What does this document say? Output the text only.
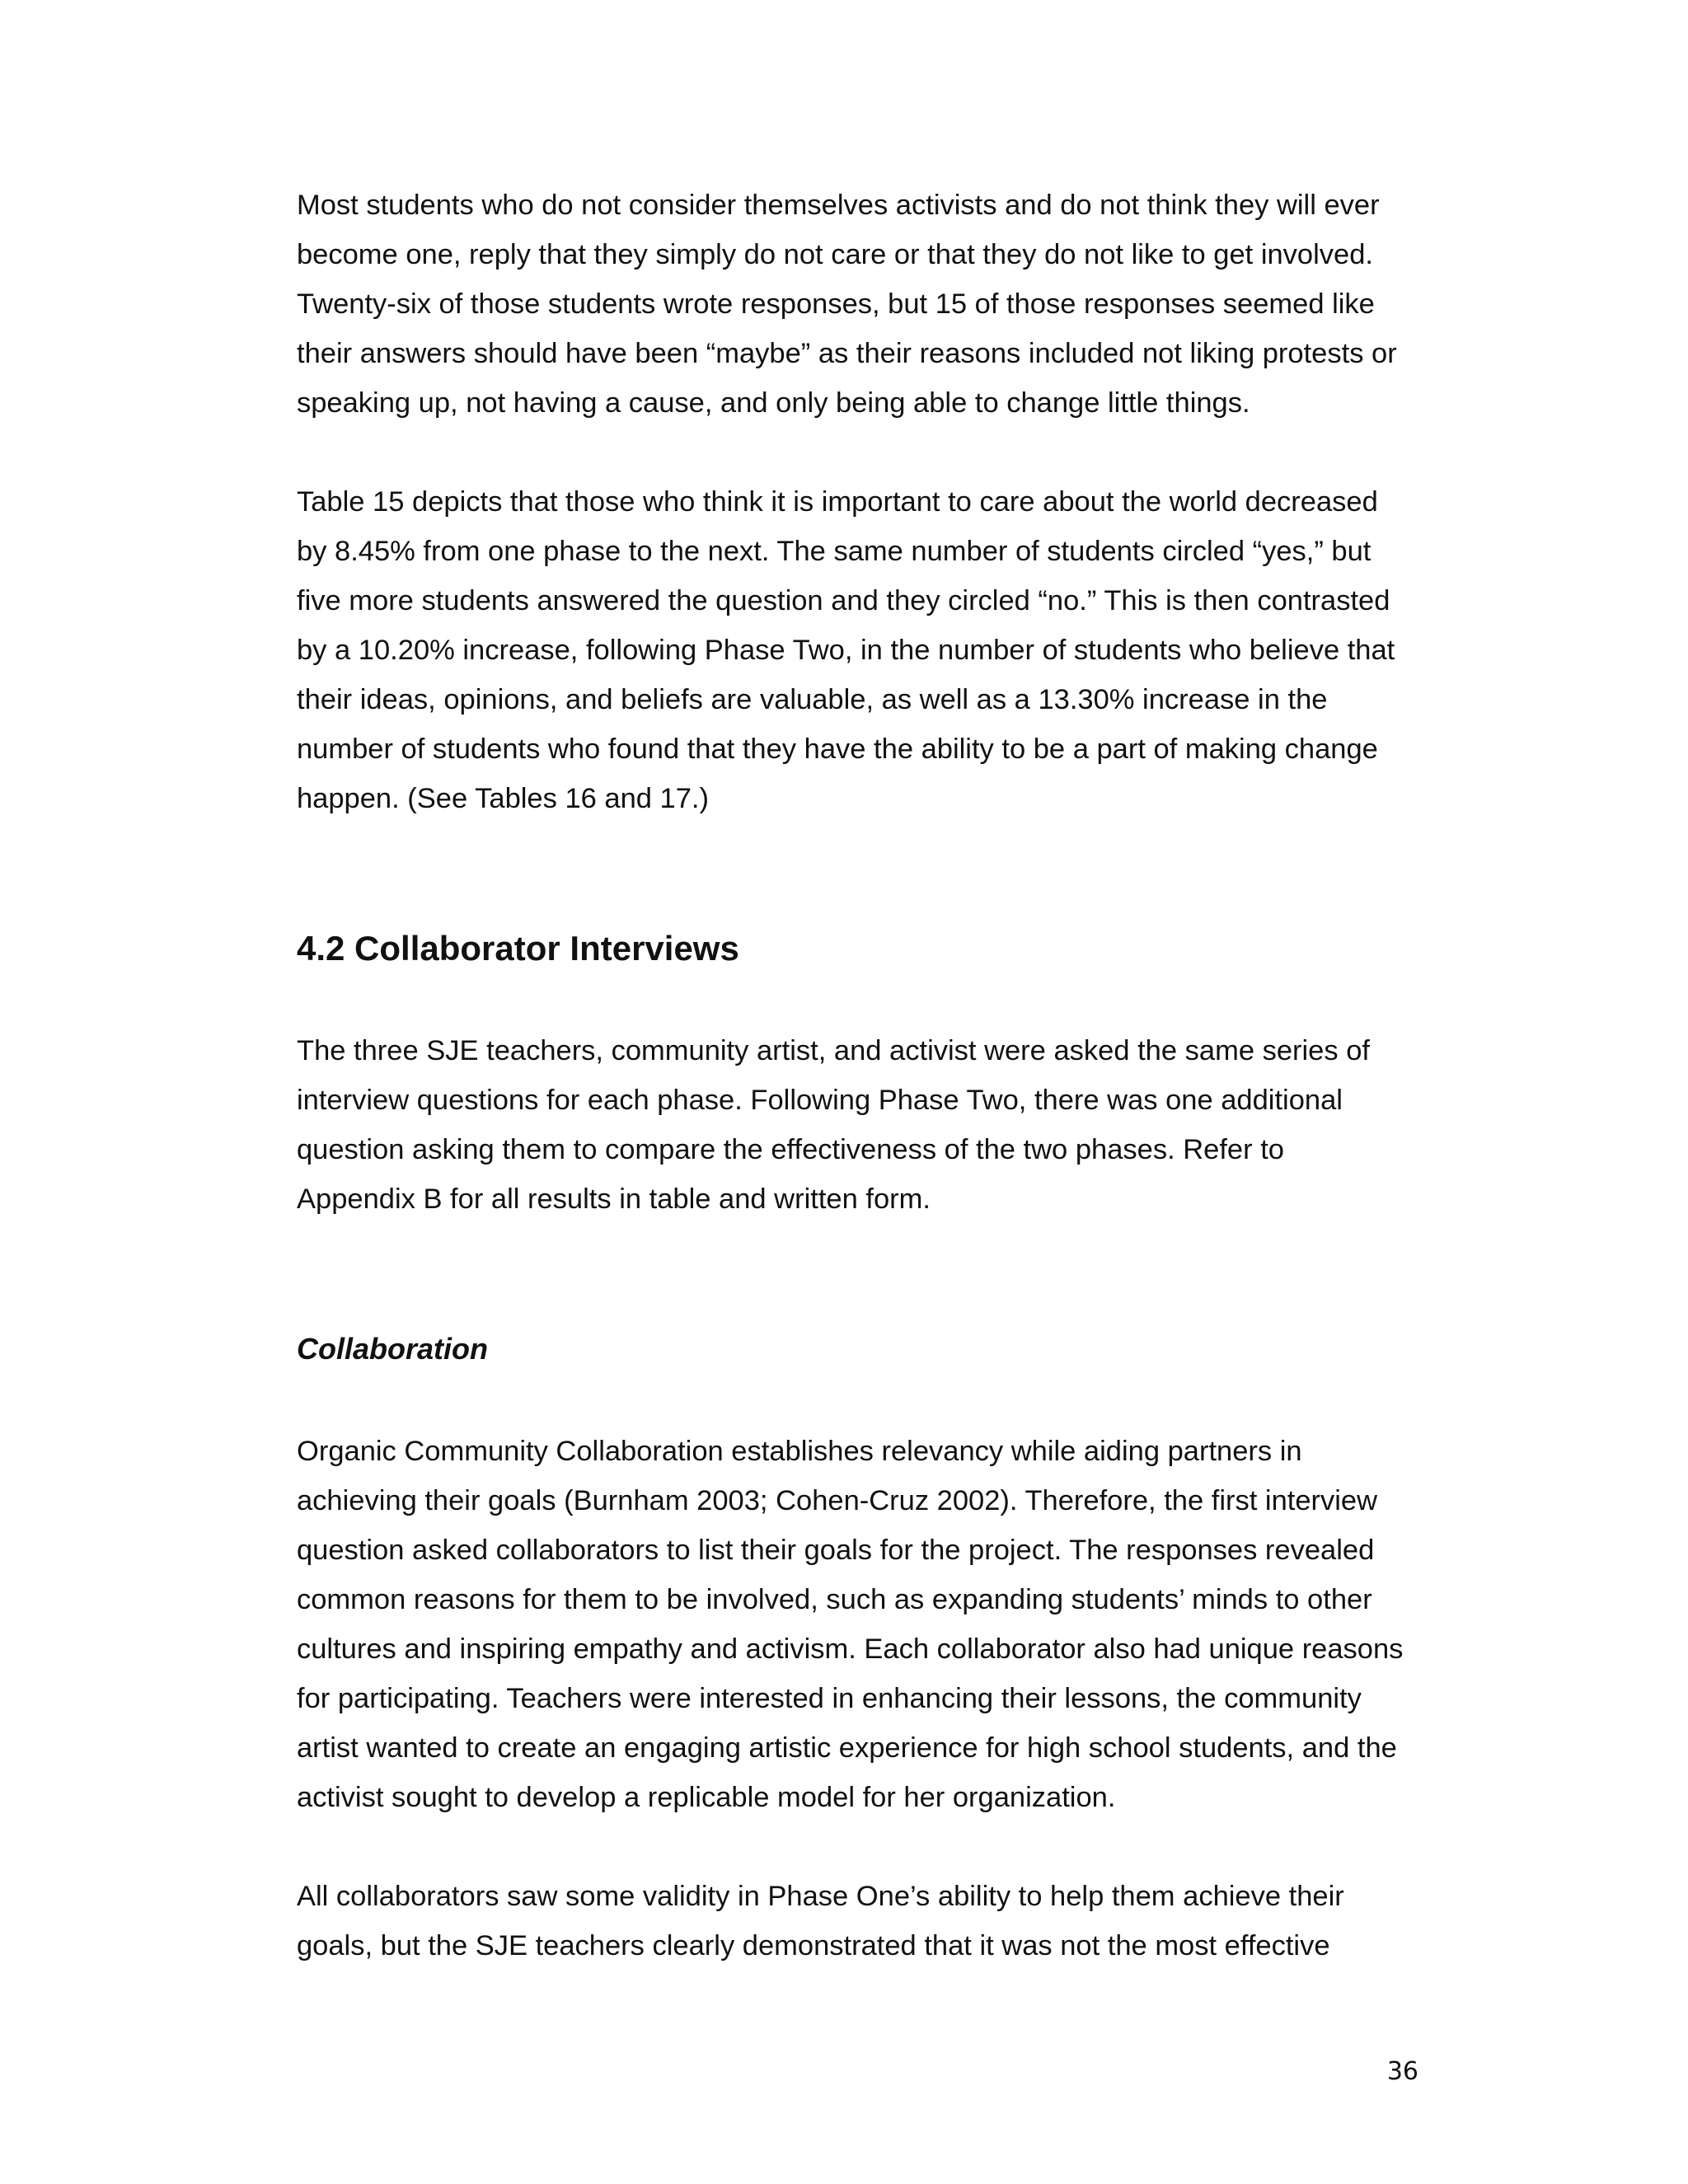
Most students who do not consider themselves activists and do not think they will ever become one, reply that they simply do not care or that they do not like to get involved. Twenty-six of those students wrote responses, but 15 of those responses seemed like their answers should have been “maybe” as their reasons included not liking protests or speaking up, not having a cause, and only being able to change little things.

Table 15 depicts that those who think it is important to care about the world decreased by 8.45% from one phase to the next. The same number of students circled “yes,” but five more students answered the question and they circled “no.” This is then contrasted by a 10.20% increase, following Phase Two, in the number of students who believe that their ideas, opinions, and beliefs are valuable, as well as a 13.30% increase in the number of students who found that they have the ability to be a part of making change happen. (See Tables 16 and 17.)

4.2 Collaborator Interviews

The three SJE teachers, community artist, and activist were asked the same series of interview questions for each phase. Following Phase Two, there was one additional question asking them to compare the effectiveness of the two phases. Refer to Appendix B for all results in table and written form.

Collaboration

Organic Community Collaboration establishes relevancy while aiding partners in achieving their goals (Burnham 2003; Cohen-Cruz 2002). Therefore, the first interview question asked collaborators to list their goals for the project. The responses revealed common reasons for them to be involved, such as expanding students’ minds to other cultures and inspiring empathy and activism. Each collaborator also had unique reasons for participating. Teachers were interested in enhancing their lessons, the community artist wanted to create an engaging artistic experience for high school students, and the activist sought to develop a replicable model for her organization.

All collaborators saw some validity in Phase One’s ability to help them achieve their goals, but the SJE teachers clearly demonstrated that it was not the most effective

36
